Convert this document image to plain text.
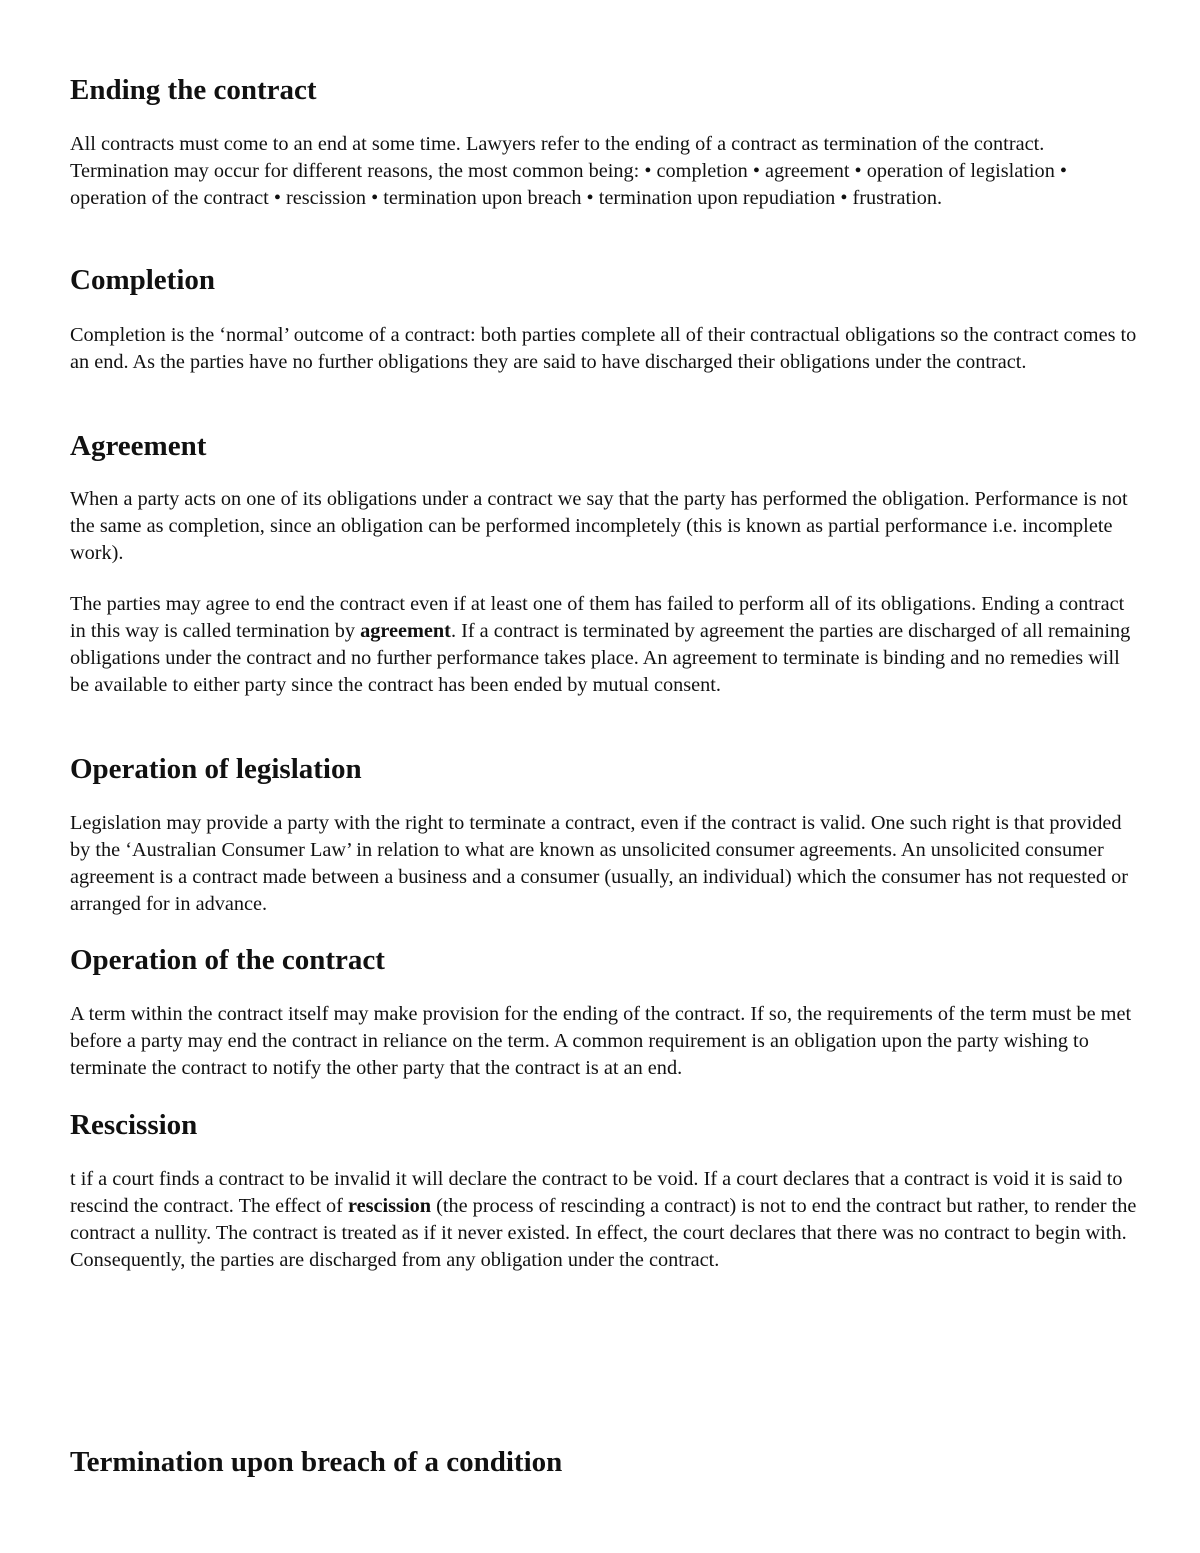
Ending the contract

All contracts must come to an end at some time. Lawyers refer to the ending of a contract as termination of the contract. Termination may occur for different reasons, the most common being: • completion • agreement • operation of legislation • operation of the contract • rescission • termination upon breach • termination upon repudiation • frustration.

Completion

Completion is the ‘normal’ outcome of a contract: both parties complete all of their contractual obligations so the contract comes to an end. As the parties have no further obligations they are said to have discharged their obligations under the contract.

Agreement

When a party acts on one of its obligations under a contract we say that the party has performed the obligation. Performance is not the same as completion, since an obligation can be performed incompletely (this is known as partial performance i.e. incomplete work).

The parties may agree to end the contract even if at least one of them has failed to perform all of its obligations. Ending a contract in this way is called termination by agreement. If a contract is terminated by agreement the parties are discharged of all remaining obligations under the contract and no further performance takes place. An agreement to terminate is binding and no remedies will be available to either party since the contract has been ended by mutual consent.

Operation of legislation

Legislation may provide a party with the right to terminate a contract, even if the contract is valid. One such right is that provided by the ‘Australian Consumer Law’ in relation to what are known as unsolicited consumer agreements. An unsolicited consumer agreement is a contract made between a business and a consumer (usually, an individual) which the consumer has not requested or arranged for in advance.

Operation of the contract

A term within the contract itself may make provision for the ending of the contract. If so, the requirements of the term must be met before a party may end the contract in reliance on the term. A common requirement is an obligation upon the party wishing to terminate the contract to notify the other party that the contract is at an end.

Rescission

t if a court finds a contract to be invalid it will declare the contract to be void. If a court declares that a contract is void it is said to rescind the contract. The effect of rescission (the process of rescinding a contract) is not to end the contract but rather, to render the contract a nullity. The contract is treated as if it never existed. In effect, the court declares that there was no contract to begin with. Consequently, the parties are discharged from any obligation under the contract.

Termination upon breach of a condition
